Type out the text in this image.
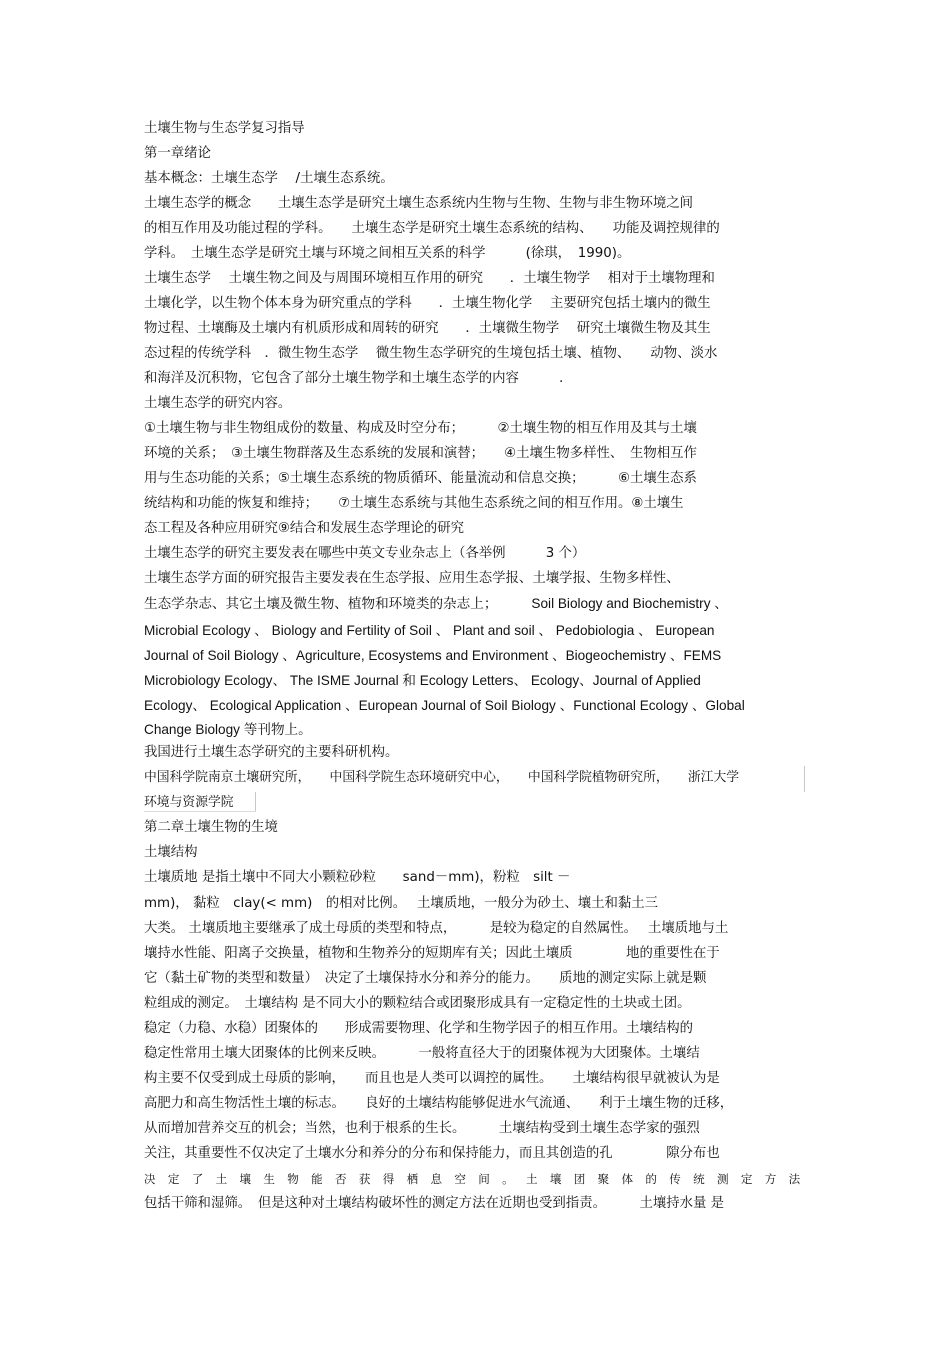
土壤生物与生态学复习指导

第一章绪论

基本概念：土壤生态学　 /土壤生态系统。

土壤生态学的概念　　土壤生态学是研究土壤生态系统内生物与生物、生物与非生物环境之间

的相互作用及功能过程的学科。　　土壤生态学是研究土壤生态系统的结构、　　功能及调控规律的

学科。　土壤生态学是研究土壤与环境之间相互关系的科学　　　(徐琪，　1990)。

土壤生态学　 土壤生物之间及与周围环境相互作用的研究　　．土壤生物学　 相对于土壤物理和

土壤化学，以生物个体本身为研究重点的学科　　．土壤生物化学　 主要研究包括土壤内的微生

物过程、土壤酶及土壤内有机质形成和周转的研究　　．土壤微生物学　 研究土壤微生物及其生

态过程的传统学科　．微生物生态学　 微生物生态学研究的生境包括土壤、植物、　　动物、淡水

和海洋及沉积物，它包含了部分土壤生物学和土壤生态学的内容　　　．

土壤生态学的研究内容。

①土壤生物与非生物组成份的数量、构成及时空分布；　　　②土壤生物的相互作用及其与土壤

环境的关系；　③土壤生物群落及生态系统的发展和演替；　　④土壤生物多样性、　生物相互作

用与生态功能的关系；⑤土壤生态系统的物质循环、能量流动和信息交换；　　　⑥土壤生态系

统结构和功能的恢复和维持；　　⑦土壤生态系统与其他生态系统之间的相互作用。⑧土壤生

态工程及各种应用研究⑨结合和发展生态学理论的研究

土壤生态学的研究主要发表在哪些中英文专业杂志上（各举例　　　3 个）

土壤生态学方面的研究报告主要发表在生态学报、应用生态学报、土壤学报、生物多样性、

生态学杂志、其它土壤及微生物、植物和环境类的杂志上；　　　Soil Biology and Biochemistry 、

Microbial Ecology 、 Biology and Fertility of Soil 、 Plant and soil 、 Pedobiologia 、 European

Journal of Soil Biology 、Agriculture, Ecosystems and Environment 、Biogeochemistry 、FEMS

Microbiology Ecology、 The ISME Journal 和 Ecology Letters、 Ecology、Journal of Applied

Ecology、 Ecological Application 、European Journal of Soil Biology 、Functional Ecology 、Global

Change Biology 等刊物上。

我国进行土壤生态学研究的主要科研机构。

中国科学院南京土壤研究所，　　中国科学院生态环境研究中心，　　中国科学院植物研究所，　　浙江大学

环境与资源学院

第二章土壤生物的生境

土壤结构

土壤质地 是指土壤中不同大小颗粒砂粒　　sand－mm)，粉粒　silt －

mm)， 黏粒　clay(< mm)　的相对比例。　 土壤质地，一般分为砂土、壤土和黏土三

大类。 土壤质地主要继承了成土母质的类型和特点，　　　是较为稳定的自然属性。　 土壤质地与土

壤持水性能、阳离子交换量，植物和生物养分的短期库有关；因此土壤质　　　　地的重要性在于

它（黏土矿物的类型和数量）　决定了土壤保持水分和养分的能力。　　质地的测定实际上就是颗

粒组成的测定。　土壤结构 是不同大小的颗粒结合或团聚形成具有一定稳定性的土块或土团。

稳定（力稳、水稳）团聚体的　　形成需要物理、化学和生物学因子的相互作用。土壤结构的

稳定性常用土壤大团聚体的比例来反映。　　　一般将直径大于的团聚体视为大团聚体。土壤结

构主要不仅受到成土母质的影响，　　而且也是人类可以调控的属性。　　土壤结构很早就被认为是

高肥力和高生物活性土壤的标志。　　良好的土壤结构能够促进水气流通、　　利于土壤生物的迁移，

从而增加营养交互的机会；当然，也利于根系的生长。　　　土壤结构受到土壤生态学家的强烈

关注，其重要性不仅决定了土壤水分和养分的分布和保持能力，而且其创造的孔　　　　隙分布也

决定了土壤生物能否获得栖息空间。土壤团聚体的传统测定方法

包括干筛和湿筛。　但是这种对土壤结构破坏性的测定方法在近期也受到指责。　　　土壤持水量 是
